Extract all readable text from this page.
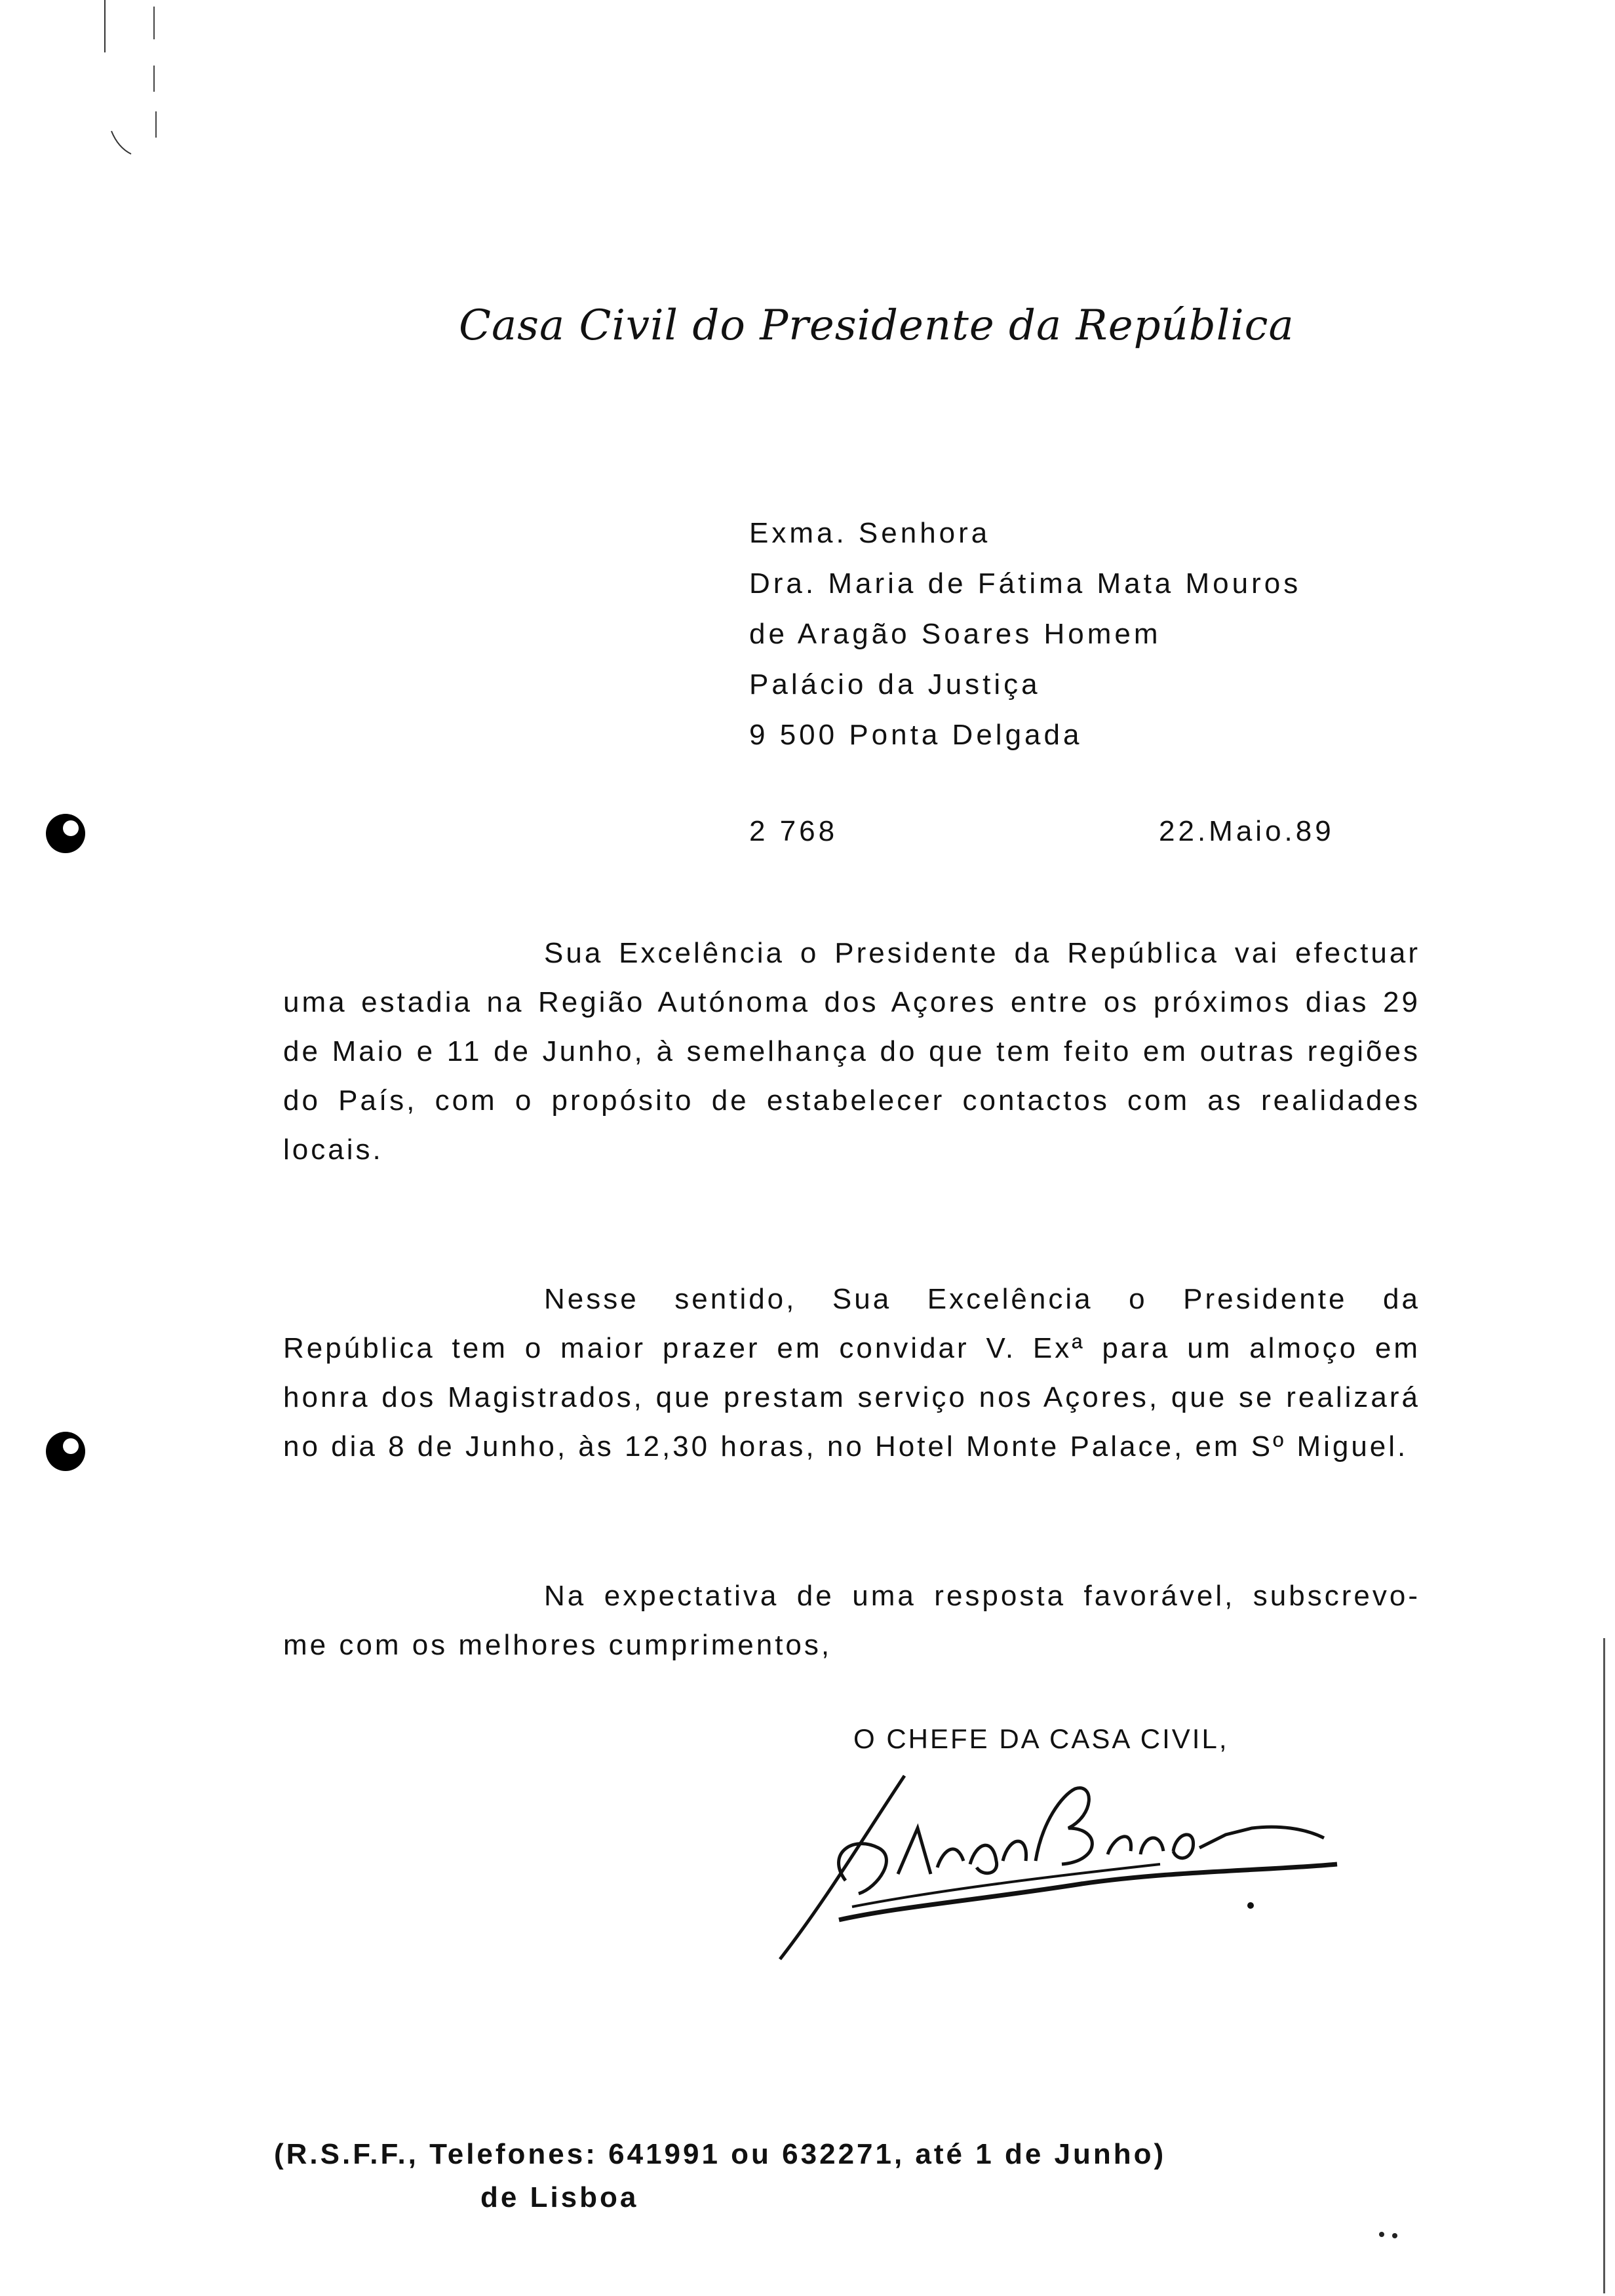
Casa Civil do Presidente da República
Exma. Senhora
Dra. Maria de Fátima Mata Mouros
de Aragão Soares Homem
Palácio da Justiça
9 500 Ponta Delgada
2 768	22.Maio.89

Sua Excelência o Presidente da República vai efectuar uma estadia na Região Autónoma dos Açores entre os próximos dias 29 de Maio e 11 de Junho, à semelhança do que tem feito em outras regiões do País, com o propósito de estabelecer contactos com as realidades locais.

Nesse sentido, Sua Excelência o Presidente da República tem o maior prazer em convidar V. Exª para um almoço em honra dos Magistrados, que prestam serviço nos Açores, que se realizará no dia 8 de Junho, às 12,30 horas, no Hotel Monte Palace, em Sº Miguel.

Na expectativa de uma resposta favorável, subscrevo-me com os melhores cumprimentos,

O CHEFE DA CASA CIVIL,
(R.S.F.F., Telefones: 641991 ou 632271, até 1 de Junho)
de Lisboa
